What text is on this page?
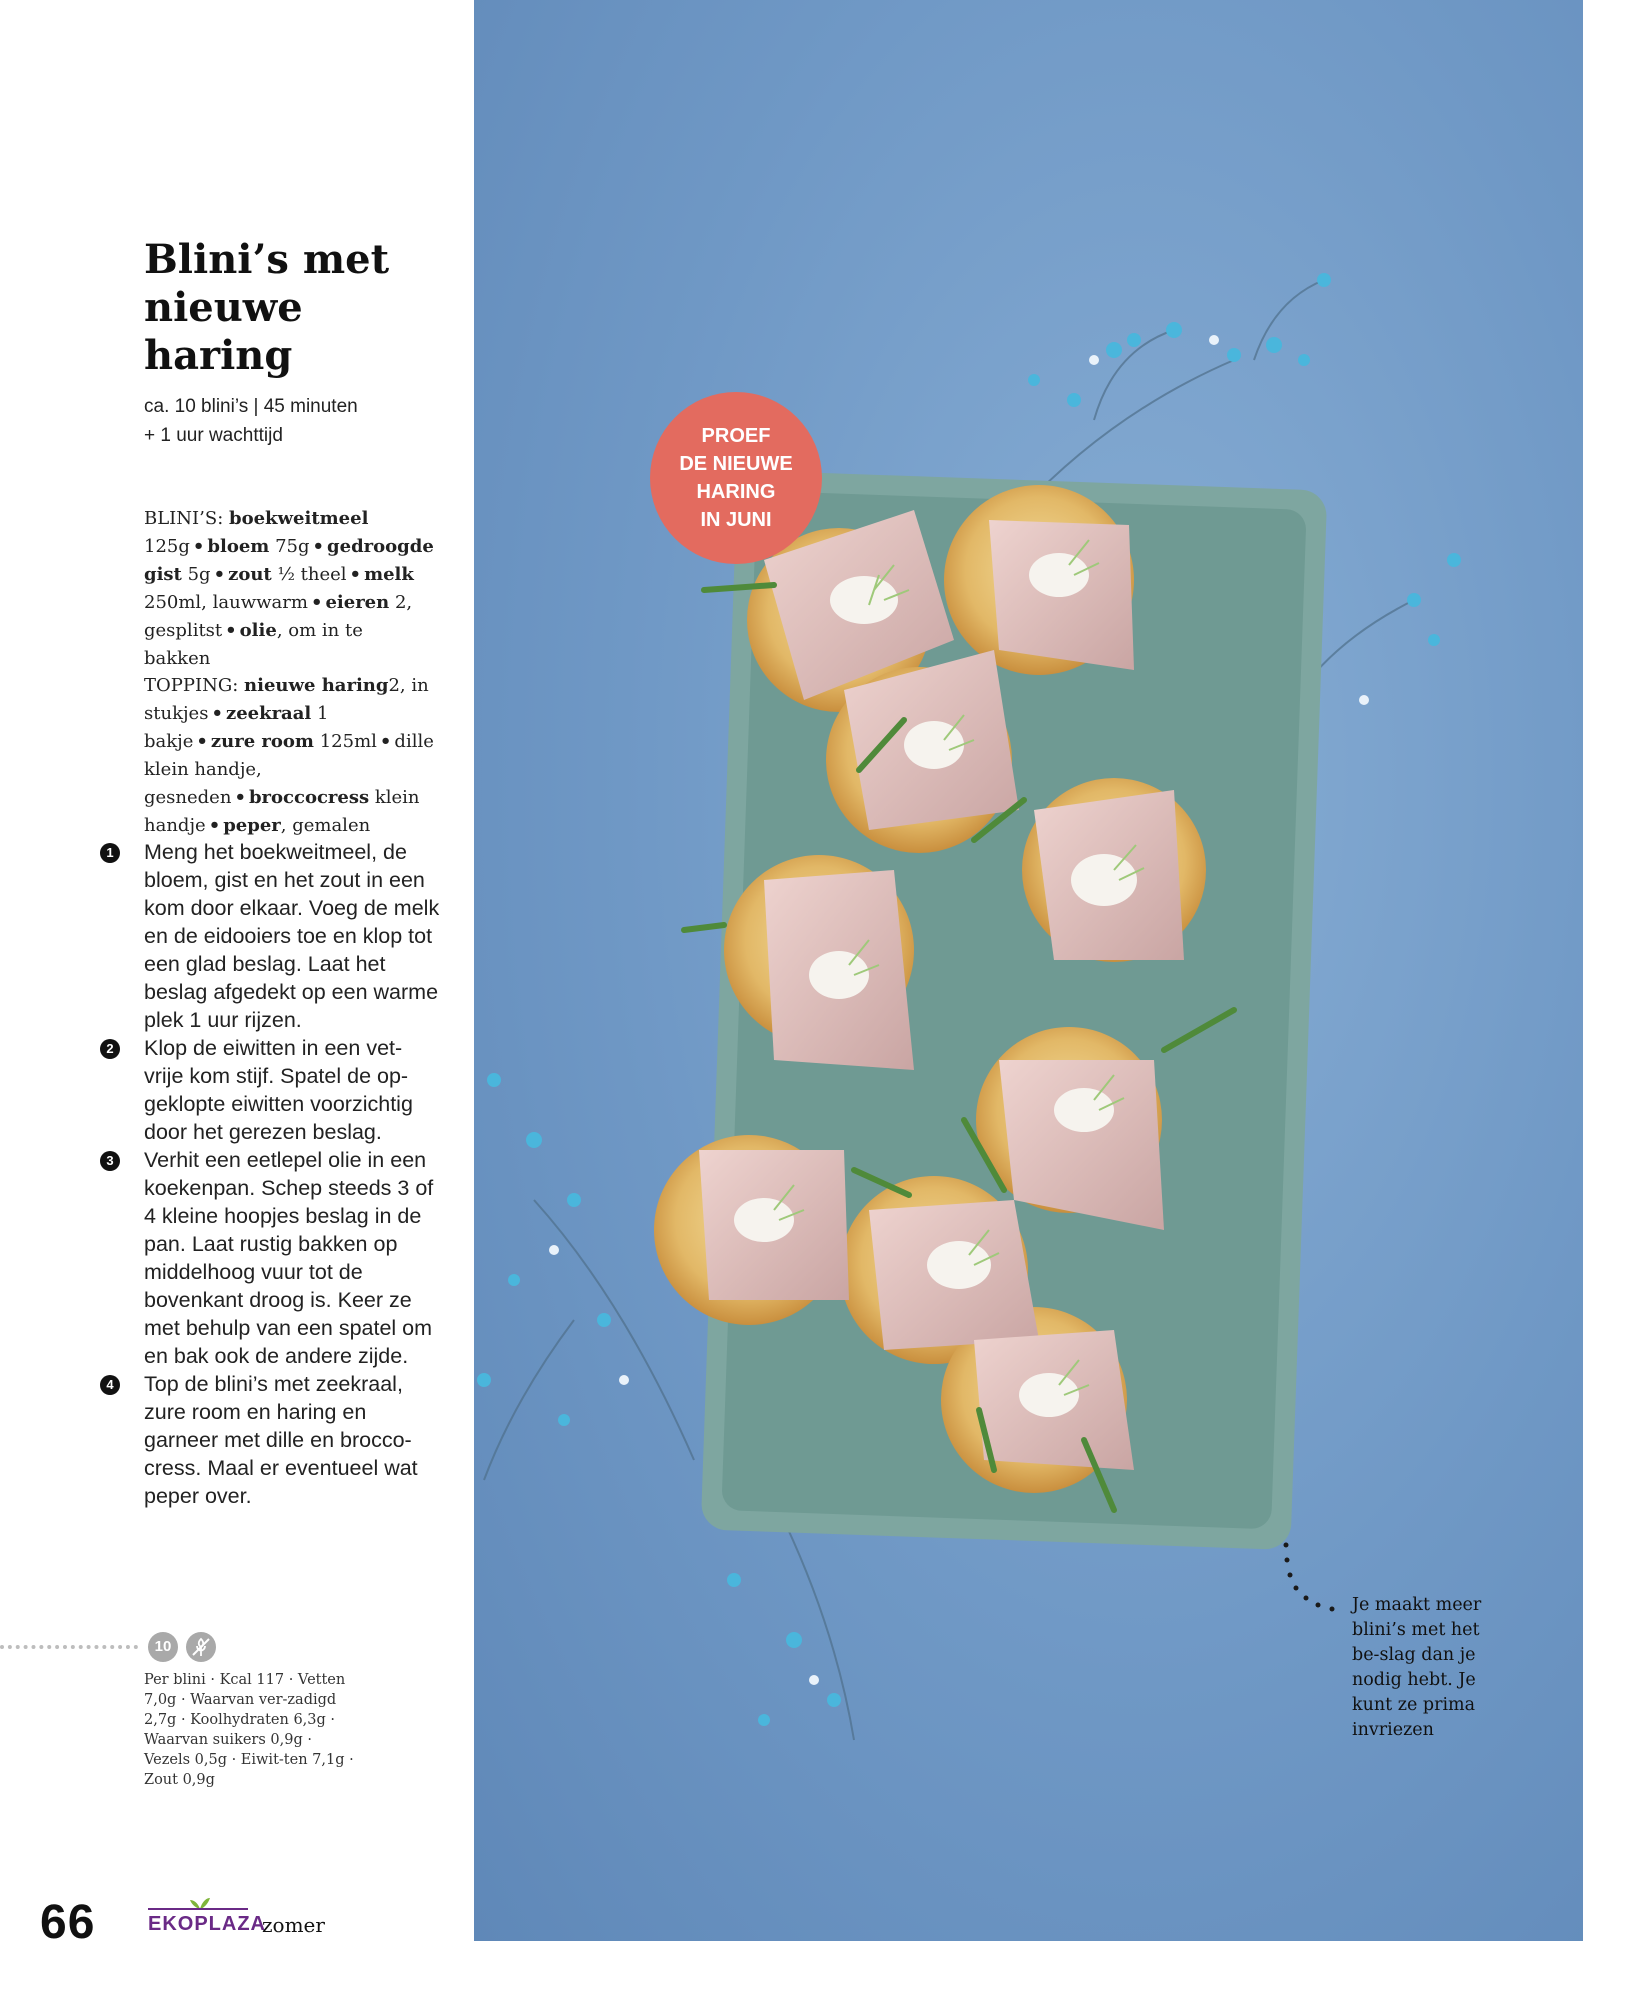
Blini’s met
nieuwe
haring
ca. 10 blini’s | 45 minuten
+ 1 uur wachttijd

BLINI’S: boekweitmeel 125g • bloem 75g • gedroogde gist 5g • zout ½ theel • melk 250ml, lauwwarm • eieren 2, gesplitst • olie, om in te bakken

TOPPING: nieuwe haring2, in stukjes • zeekraal 1 bakje • zure room 125ml • dille klein handje, gesneden • broccocress klein handje • peper, gemalen

1 Meng het boekweitmeel, de bloem, gist en het zout in een kom door elkaar. Voeg de melk en de eidooiers toe en klop tot een glad beslag. Laat het beslag afgedekt op een warme plek 1 uur rijzen.
2 Klop de eiwitten in een vet-vrije kom stijf. Spatel de op-geklopte eiwitten voorzichtig door het gerezen beslag.
3 Verhit een eetlepel olie in een koekenpan. Schep steeds 3 of 4 kleine hoopjes beslag in de pan. Laat rustig bakken op middelhoog vuur tot de bovenkant droog is. Keer ze met behulp van een spatel om en bak ook de andere zijde.
4 Top de blini’s met zeekraal, zure room en haring en garneer met dille en brocco-cress. Maal er eventueel wat peper over.
10
Per blini · Kcal 117 · Vetten 7,0g · Waarvan ver-zadigd 2,7g · Koolhydraten 6,3g · Waarvan suikers 0,9g · Vezels 0,5g · Eiwit-ten 7,1g · Zout 0,9g
66	EKOPLAZA
zomer
PROEF
DE NIEUWE
HARING
IN JUNI
Je maakt meer blini’s met het be-slag dan je nodig hebt. Je kunt ze prima invriezen
